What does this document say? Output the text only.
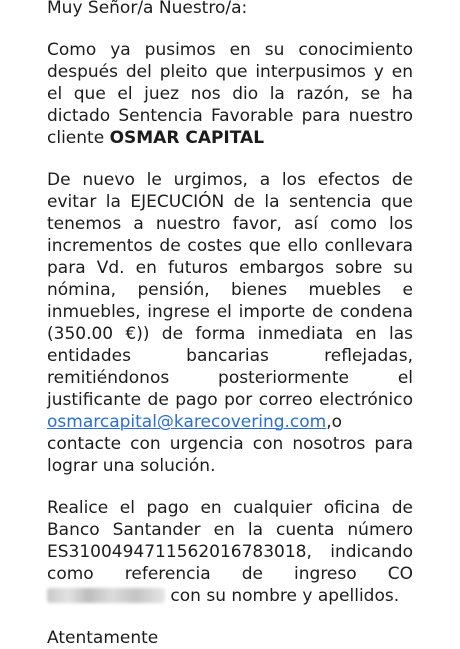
Muy Señor/a Nuestro/a:

Como ya pusimos en su conocimiento después del pleito que interpusimos y en el que el juez nos dio la razón, se ha dictado Sentencia Favorable para nuestro cliente OSMAR CAPITAL

De nuevo le urgimos, a los efectos de evitar la EJECUCIÓN de la sentencia que tenemos a nuestro favor, así como los incrementos de costes que ello conllevara para Vd. en futuros embargos sobre su nómina, pensión, bienes muebles e inmuebles, ingrese el importe de condena (350.00 €)) de forma inmediata en las entidades bancarias reflejadas, remitiéndonos posteriormente el justificante de pago por correo electrónico osmarcapital@karecovering.com,o contacte con urgencia con nosotros para lograr una solución.

Realice el pago en cualquier oficina de Banco Santander en la cuenta número ES3100494711562016783018, indicando como referencia de ingreso CO con su nombre y apellidos.

Atentamente
